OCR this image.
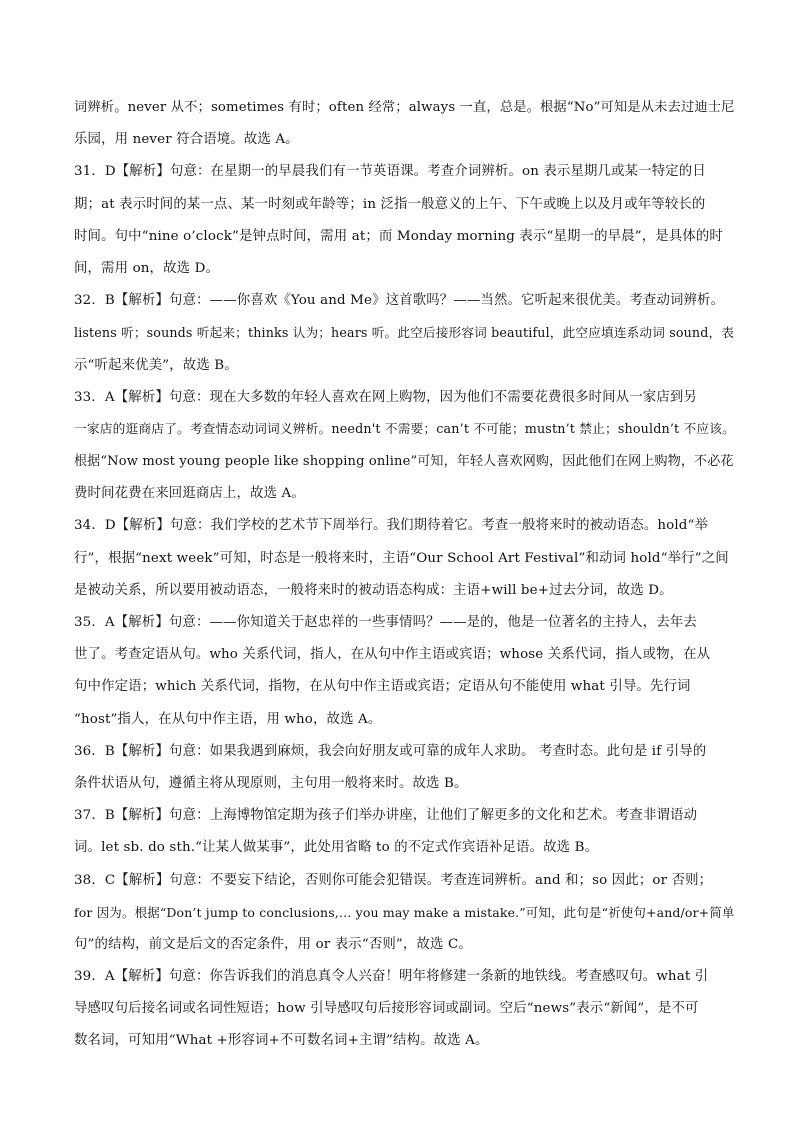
词辨析。never 从不；sometimes 有时；often 经常；always 一直，总是。根据“No”可知是从未去过迪士尼
乐园，用 never 符合语境。故选 A。
31．D【解析】句意：在星期一的早晨我们有一节英语课。考查介词辨析。on 表示星期几或某一特定的日
期；at 表示时间的某一点、某一时刻或年龄等；in 泛指一般意义的上午、下午或晚上以及月或年等较长的
时间。句中“nine o’clock”是钟点时间，需用 at；而 Monday morning 表示“星期一的早晨”，是具体的时
间，需用 on，故选 D。
32．B【解析】句意：——你喜欢《You and Me》这首歌吗？——当然。它听起来很优美。考查动词辨析。
listens 听；sounds 听起来；thinks 认为；hears 听。此空后接形容词 beautiful，此空应填连系动词 sound，表
示“听起来优美”，故选 B。
33．A【解析】句意：现在大多数的年轻人喜欢在网上购物，因为他们不需要花费很多时间从一家店到另
一家店的逛商店了。考查情态动词词义辨析。needn't 不需要；can’t 不可能；mustn’t 禁止；shouldn’t 不应该。
根据“Now most young people like shopping online”可知，年轻人喜欢网购，因此他们在网上购物，不必花
费时间花费在来回逛商店上，故选 A。
34．D【解析】句意：我们学校的艺术节下周举行。我们期待着它。考查一般将来时的被动语态。hold“举
行”，根据“next week”可知，时态是一般将来时，主语“Our School Art Festival”和动词 hold“举行”之间
是被动关系，所以要用被动语态，一般将来时的被动语态构成：主语+will be+过去分词，故选 D。
35．A【解析】句意：——你知道关于赵忠祥的一些事情吗？——是的，他是一位著名的主持人，去年去
世了。考查定语从句。who 关系代词，指人，在从句中作主语或宾语；whose 关系代词，指人或物，在从
句中作定语；which 关系代词，指物，在从句中作主语或宾语；定语从句不能使用 what 引导。先行词
“host”指人，在从句中作主语，用 who，故选 A。
36．B【解析】句意：如果我遇到麻烦，我会向好朋友或可靠的成年人求助。 考查时态。此句是 if 引导的
条件状语从句，遵循主将从现原则，主句用一般将来时。故选 B。
37．B【解析】句意：上海博物馆定期为孩子们举办讲座，让他们了解更多的文化和艺术。考查非谓语动
词。let sb. do sth.“让某人做某事”，此处用省略 to 的不定式作宾语补足语。故选 B。
38．C【解析】句意：不要妄下结论，否则你可能会犯错误。考查连词辨析。and 和；so 因此；or 否则；
for 因为。根据“Don’t jump to conclusions,… you may make a mistake.”可知，此句是“祈使句+and/or+简单
句”的结构，前文是后文的否定条件，用 or 表示“否则”，故选 C。
39．A【解析】句意：你告诉我们的消息真令人兴奋！明年将修建一条新的地铁线。考查感叹句。what 引
导感叹句后接名词或名词性短语；how 引导感叹句后接形容词或副词。空后“news”表示“新闻”，是不可
数名词，可知用“What +形容词+不可数名词+主谓”结构。故选 A。
